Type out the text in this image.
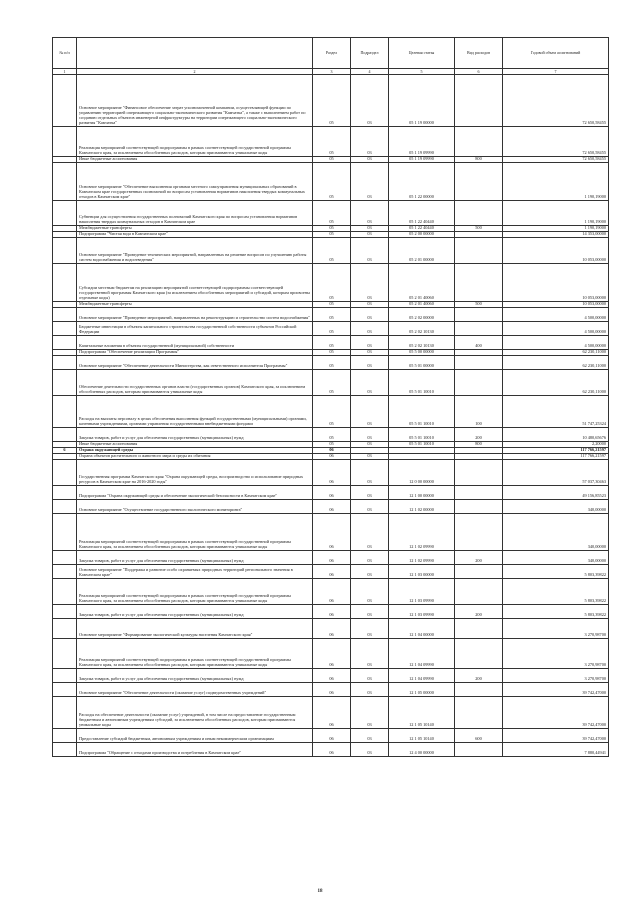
№ п/п		Раздел	Подраздел	Целевая статья	Вид расходов	Годовой объем ассигнований
1	2	3	4	5	6	7
	Основное мероприятие "Финансовое обеспечение затрат уполномоченной компании, осуществляющей функции по управлению территорией опережающего социально-экономического развития "Камчатка", а также с выполнением работ по созданию отдельных объектов инженерной инфраструктуры на территории опережающего социально-экономического развития "Камчатка"	05	03	05 1 19 00000		72 650,58455
	Реализация мероприятий соответствующей подпрограммы в рамках соответствующей государственной программы Камчатского края, за исключением обособленных расходов, которым присваиваются уникальные коды	05	03	05 1 19 09990		72 650,58455
	Иные бюджетные ассигнования	05	03	05 1 19 09990	800	72 650,58455
	Основное мероприятие "Обеспечение выполнения органами местного самоуправления муниципальных образований в Камчатском крае государственных полномочий по вопросам установления нормативов накопления твердых коммунальных отходов в Камчатском крае"	05	03	05 1 22 00000		1 190,19000
	Субвенции для осуществления государственных полномочий Камчатского края по вопросам установления нормативов накопления твердых коммунальных отходов в Камчатском крае	05	03	05 1 22 40440		1 190,19000
	Межбюджетные трансферты	05	03	05 1 22 40440	500	1 190,19000
	Подпрограмма "Чистая вода в Камчатском крае"	05	03	05 2 00 00000		14 353,00000
	Основное мероприятие "Проведение технических мероприятий, направленных на решение вопросов по улучшению работы систем водоснабжения и водоотведения"	05	03	05 2 01 00000		10 053,00000
	Субсидии местным бюджетам на реализацию мероприятий соответствующей подпрограммы соответствующей государственной программы Камчатского края (за исключением обособленных мероприятий и субсидий, которым присвоены отдельные коды)	05	03	05 2 01 40060		10 053,00000
	Межбюджетные трансферты	05	03	05 2 01 40060	500	10 053,00000
	Основное мероприятие "Проведение мероприятий, направленных на реконструкцию и строительство систем водоснабжения"	05	03	05 2 02 00000		4 500,00000
	Бюджетные инвестиции в объекты капитального строительства государственной собственности субъектов Российской Федерации	05	03	05 2 02 10130		4 500,00000
	Капитальные вложения в объекты государственной (муниципальной) собственности	05	03	05 2 02 10130	400	4 500,00000
	Подпрограмма "Обеспечение реализации Программы"	05	03	05 5 00 00000		62 230,11000
	Основное мероприятие "Обеспечение деятельности Министерства, как ответственного исполнителя Программы"	05	03	05 5 01 00000		62 230,11000
	Обеспечение деятельности государственных органов власти (государственных органов) Камчатского края, за исключением обособленных расходов, которым присваиваются уникальные коды	05	03	05 5 01 10010		62 230,11000
	Расходы на выплаты персоналу в целях обеспечения выполнения функций государственными (муниципальными) органами, казенными учреждениями, органами управления государственными внебюджетными фондами	05	03	05 5 01 10010	100	51 747,25324
	Закупка товаров, работ и услуг для обеспечения государственных (муниципальных) нужд	05	03	05 5 01 10010	200	10 480,65676
	Иные бюджетные ассигнования	05	03	05 5 01 10010	800	2,20000
6	Охрана окружающей среды	06				117 766,21597
	Охрана объектов растительного и животного мира и среды их обитания	06	03			117 766,21597
	Государственная программа Камчатского края "Охрана окружающей среды, воспроизводство и использование природных ресурсов в Камчатском крае на 2016-2020 годы"	06	03	12 0 00 00000		57 037,30463
	Подпрограмма "Охрана окружающей среды и обеспечение экологической безопасности в Камчатском крае"	06	03	12 1 00 00000		49 156,85523
	Основное мероприятие "Осуществление государственного экологического мониторинга"	06	03	12 1 02 00000		340,00000
	Реализация мероприятий соответствующей подпрограммы в рамках соответствующей государственной программы Камчатского края, за исключением обособленных расходов, которым присваиваются уникальные коды	06	03	12 1 02 09990		340,00000
	Закупка товаров, работ и услуг для обеспечения государственных (муниципальных) нужд	06	03	12 1 02 09990	200	340,00000
	Основное мероприятие "Поддержка и развитие особо охраняемых природных территорий регионального значения в Камчатском крае"	06	03	12 1 03 00000		5 803,39822
	Реализация мероприятий соответствующей подпрограммы в рамках соответствующей государственной программы Камчатского края, за исключением обособленных расходов, которым присваиваются уникальные коды	06	03	12 1 03 09990		5 803,39822
	Закупка товаров, работ и услуг для обеспечения государственных (муниципальных) нужд	06	03	12 1 03 09990	200	5 803,39822
	Основное мероприятие "Формирование экологической культуры населения Камчатского края"	06	03	12 1 04 00000		3 270,98700
	Реализация мероприятий соответствующей подпрограммы в рамках соответствующей государственной программы Камчатского края, за исключением обособленных расходов, которым присваиваются уникальные коды	06	03	12 1 04 09990		3 270,98700
	Закупка товаров, работ и услуг для обеспечения государственных (муниципальных) нужд	06	03	12 1 04 09990	200	3 270,98700
	Основное мероприятие "Обеспечение деятельности (оказание услуг) подведомственных учреждений"	06	03	12 1 05 00000		39 742,47000
	Расходы на обеспечение деятельности (оказание услуг) учреждений, в том числе на предоставление государственным бюджетным и автономным учреждениям субсидий, за исключением обособленных расходов, которым присваиваются уникальные коды	06	03	12 1 05 10140		39 742,47000
	Предоставление субсидий бюджетным, автономным учреждениям и иным некоммерческим организациям	06	03	12 1 05 10140	600	39 742,47000
	Подпрограмма "Обращение с отходами производства и потребления в Камчатском крае"	06	03	12 4 00 00000		7 880,44941
18
